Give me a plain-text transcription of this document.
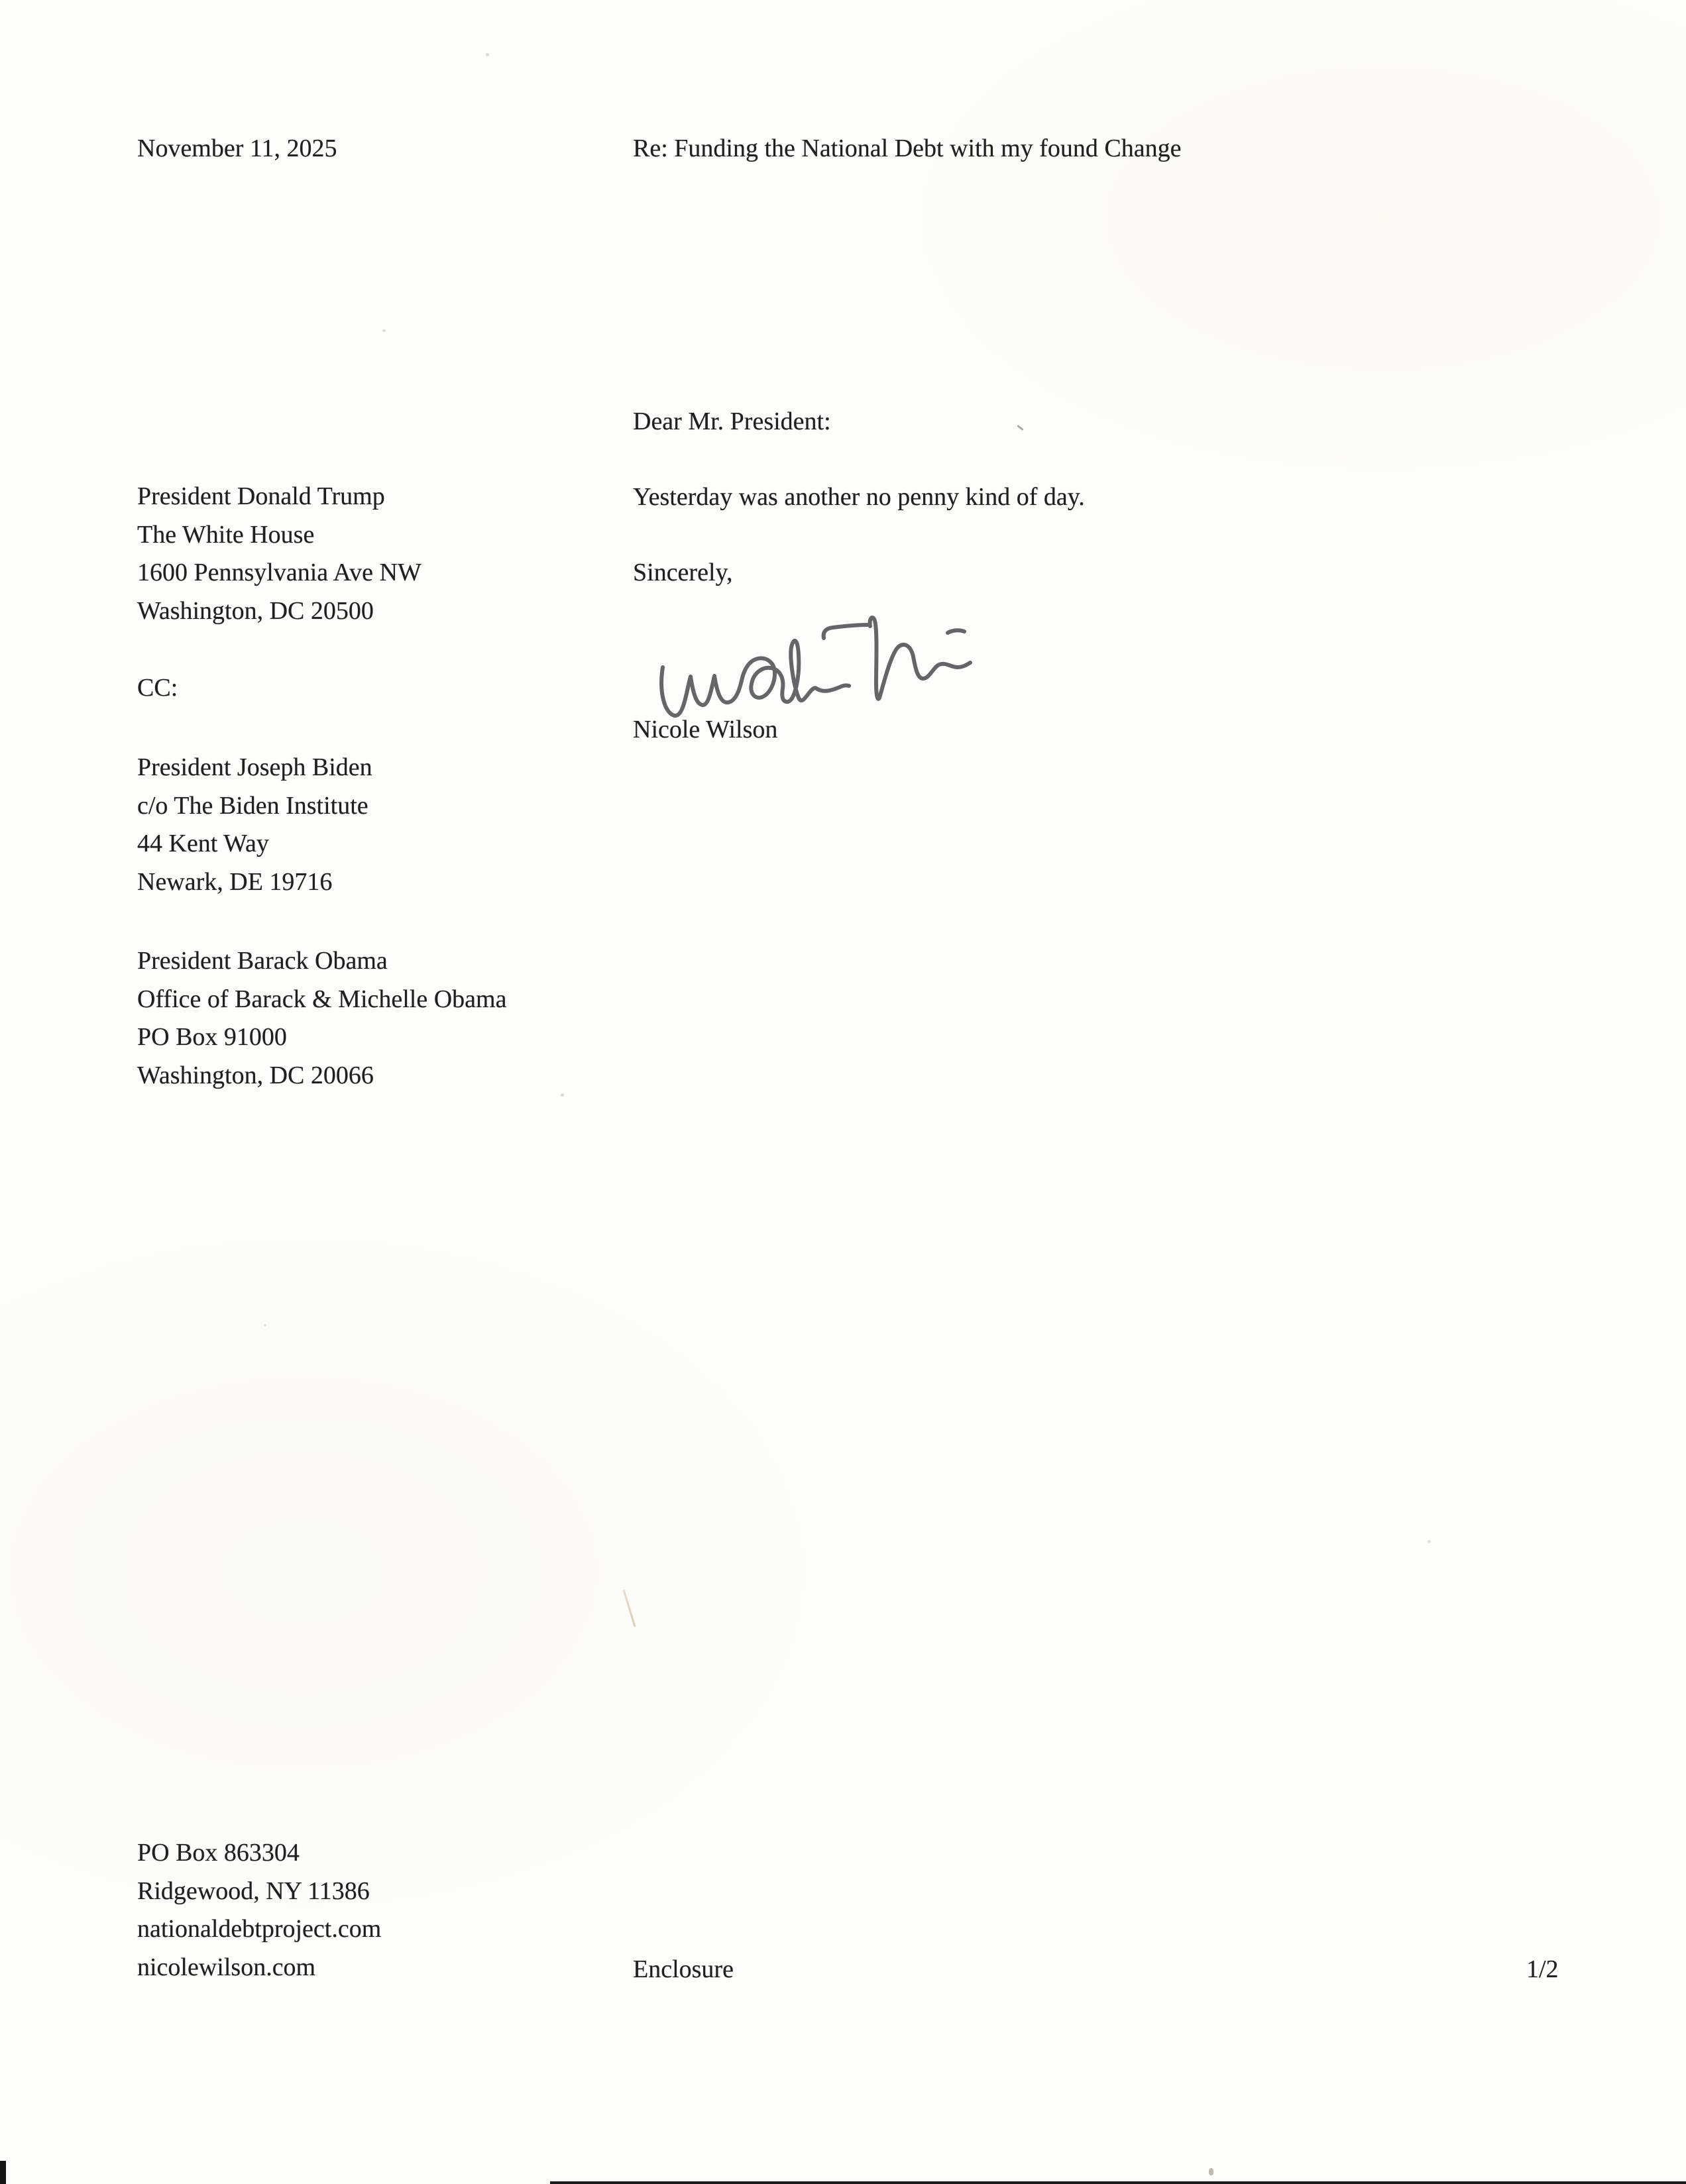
November 11, 2025	Re: Funding the National Debt with my found Change
President Donald Trump
The White House
1600 Pennsylvania Ave NW
Washington, DC 20500
CC:
President Joseph Biden
c/o The Biden Institute
44 Kent Way
Newark, DE 19716
President Barack Obama
Office of Barack & Michelle Obama
PO Box 91000
Washington, DC 20066
Dear Mr. President:
Yesterday was another no penny kind of day.
Sincerely,
Nicole Wilson
PO Box 863304
Ridgewood, NY 11386
nationaldebtproject.com
nicolewilson.com	Enclosure	1/2
